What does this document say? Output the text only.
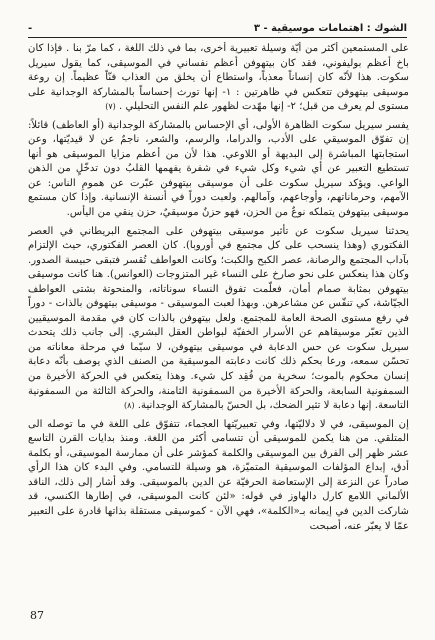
الشوك : اهتمامات موسيقية - ٣
-

على المستمعين أكثر من أيّة وسيلة تعبيرية أخرى، بما في ذلك اللغة ، كما مرّ بنا . فإذا كان باخ أعظم بوليفوني، فقد كان بيتهوفن أعظم نفساني في الموسيقى، كما يقول سيريل سكوت. هذا لأنّه كان إنساناً معذباً، واستطاع أن يخلق من العذاب فنّاً عظيماً. إن روعة موسيقى بيتهوفن تتعكس في ظاهرتين : ١- إنها تورث إحساساً بالمشاركة الوجدانية على مستوى لم يعرف من قبل؛ ٢- إنها مهّدت لظهور علم النفس التحليلي . (٧)

يفسر سيريل سكوت الظاهرة الأولى، أي الإحساس بالمشاركة الوجدانية (أو العاطف) قائلاً: إن تفوّق الموسيقي على الأدب، والدراما، والرسم، والشعر، ناجمٌ عن لا قيديّتها، وعن استجابتها المباشرة إلى البديهة أو اللاوعي. هذا لأن من أعظم مزايا الموسيقى هو أنها تستطيع التعبير عن أي شيء وكل شيء في شفرة يفهمها القلبُ دون تدخّلٍ من الذهن الواعي. ويؤكد سيريل سكوت على أن موسيقى بيتهوفن عبّرت عن همومِ الناس: عن الآمهم، وحرماناتهم، وأوجاعهم، وآمالهم. ولعبت دوراً في أنسنة الإنسانية. وإذا كان مستمع موسيقى بيتهوفن يتملكه نوعٌ من الحزن، فهو حزنٌ موسيقيٌ، حزن ينقي من اليأس.

يحدثنا سيريل سكوت عن تأثير موسيقى بيتهوفن على المجتمع البريطاني في العصر الفكتوري (وهذا ينسحب على كل مجتمع في أوروبا). كان العصر الفكتوري، حيث الإلتزام بآداب المجتمع والرصانة، عصر الكبح والكبت؛ وكانت العواطف تُقسر فتبقى حبيسة الصدور. وكان هذا ينعكس على نحو صارخ على النساء غير المتزوجات (العوانس). هنا كانت موسيقى بيتهوفن بمثابة صمام أمان، فعلّمت تفوق النساء سوناتاته، والمنحوتة بشتى العواطف الجيّاشة، كي تنفّس عن مشاعرهن. وبهذا لعبت الموسيقى - موسيقى بيتهوفن بالذات - دوراً في رفع مستوى الصحة العامة للمجتمع. ولعل بيتهوفن بالذات كان في مقدمة الموسيقيين الذين تعبّر موسيقاهم عن الأسرار الخفيّة لبواطن العقل البشري. إلى جانب ذلك يتحدث سيريل سكوت عن حس الدعابة في موسيقى بيتهوفن، لا سيّما في مرحلة معاناته من تحسّن سمعه، ورعا بحكم ذلك كانت دعابته الموسيقية من الصنف الذي يوصف بأنّه دعابة إنسان محكوم بالموت؛ سخرية من فُقِد كل شيء. وهذا يتعكس في الحركة الأخيرة من السمفونية السابعة، والحركة الأخيرة من السمفونية الثامنة، والحركة الثالثة من السمفونية التاسعة. إنها دعابة لا تثير الضحك، بل الحسّ بالمشاركة الوجدانية. (٨)

إن الموسيقى، في لا دلاليّتها، وفي تعبيريّتها العجماء، تتفوّق على اللغة في ما توصله الى المتلقي. من هنا يكمن للموسيقى أن تتسامى أكثر من اللغة. ومنذ بدايات القرن التاسع عشر ظهر إلى الفرق بين الموسيقى والكلمة كمؤشر على أن ممارسة الموسيقى، أو بكلمة أدق، إبداع المؤلفات الموسيقية المتميّزة، هو وسيلة للتسامي. وفي البدء كان هذا الرأي صادراً عن النزعة إلى الإستعاضة الحرفيّة عن الدين بالموسيقى. وقد أشار إلى ذلك، الناقد الألماني اللامع كارل دالهاوز في قوله: «لئن كانت الموسيقى، في إطارها الكنسي، قد شاركت الدين في إيمانه بـ«الكلمة»، فهي الآن - كموسيقى مستقلة بذاتها قادرة على التعبير عمّا لا يعبّر عنه، أصبحت

87
